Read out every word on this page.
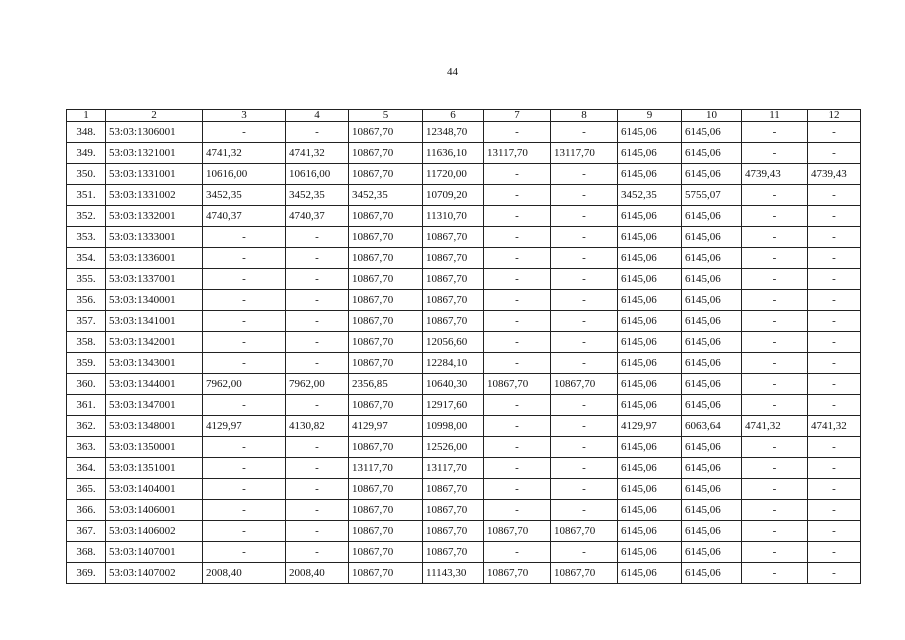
44
1	2	3	4	5	6	7	8	9	10	11	12
348.	53:03:1306001	-	-	10867,70	12348,70	-	-	6145,06	6145,06	-	-
349.	53:03:1321001	4741,32	4741,32	10867,70	11636,10	13117,70	13117,70	6145,06	6145,06	-	-
350.	53:03:1331001	10616,00	10616,00	10867,70	11720,00	-	-	6145,06	6145,06	4739,43	4739,43
351.	53:03:1331002	3452,35	3452,35	3452,35	10709,20	-	-	3452,35	5755,07	-	-
352.	53:03:1332001	4740,37	4740,37	10867,70	11310,70	-	-	6145,06	6145,06	-	-
353.	53:03:1333001	-	-	10867,70	10867,70	-	-	6145,06	6145,06	-	-
354.	53:03:1336001	-	-	10867,70	10867,70	-	-	6145,06	6145,06	-	-
355.	53:03:1337001	-	-	10867,70	10867,70	-	-	6145,06	6145,06	-	-
356.	53:03:1340001	-	-	10867,70	10867,70	-	-	6145,06	6145,06	-	-
357.	53:03:1341001	-	-	10867,70	10867,70	-	-	6145,06	6145,06	-	-
358.	53:03:1342001	-	-	10867,70	12056,60	-	-	6145,06	6145,06	-	-
359.	53:03:1343001	-	-	10867,70	12284,10	-	-	6145,06	6145,06	-	-
360.	53:03:1344001	7962,00	7962,00	2356,85	10640,30	10867,70	10867,70	6145,06	6145,06	-	-
361.	53:03:1347001	-	-	10867,70	12917,60	-	-	6145,06	6145,06	-	-
362.	53:03:1348001	4129,97	4130,82	4129,97	10998,00	-	-	4129,97	6063,64	4741,32	4741,32
363.	53:03:1350001	-	-	10867,70	12526,00	-	-	6145,06	6145,06	-	-
364.	53:03:1351001	-	-	13117,70	13117,70	-	-	6145,06	6145,06	-	-
365.	53:03:1404001	-	-	10867,70	10867,70	-	-	6145,06	6145,06	-	-
366.	53:03:1406001	-	-	10867,70	10867,70	-	-	6145,06	6145,06	-	-
367.	53:03:1406002	-	-	10867,70	10867,70	10867,70	10867,70	6145,06	6145,06	-	-
368.	53:03:1407001	-	-	10867,70	10867,70	-	-	6145,06	6145,06	-	-
369.	53:03:1407002	2008,40	2008,40	10867,70	11143,30	10867,70	10867,70	6145,06	6145,06	-	-
